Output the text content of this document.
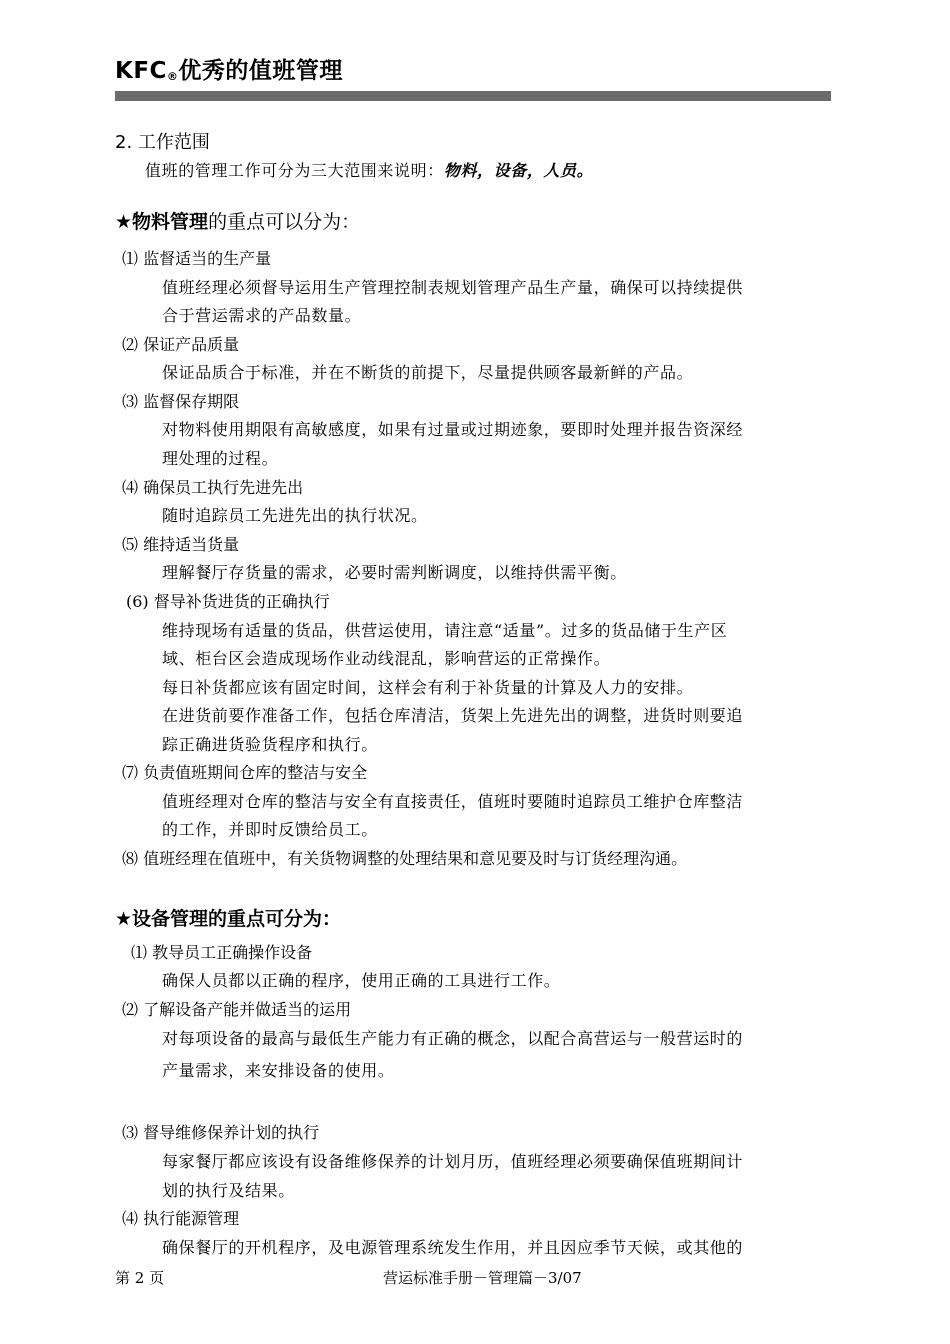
KFC®优秀的值班管理
2. 工作范围
值班的管理工作可分为三大范围来说明：物料，设备，人员。
★物料管理的重点可以分为：
⑴ 监督适当的生产量
值班经理必须督导运用生产管理控制表规划管理产品生产量，确保可以持续提供
合于营运需求的产品数量。
⑵ 保证产品质量
保证品质合于标准，并在不断货的前提下，尽量提供顾客最新鲜的产品。
⑶ 监督保存期限
对物料使用期限有高敏感度，如果有过量或过期迹象，要即时处理并报告资深经
理处理的过程。
⑷ 确保员工执行先进先出
随时追踪员工先进先出的执行状况。
⑸ 维持适当货量
理解餐厅存货量的需求，必要时需判断调度，以维持供需平衡。
(6) 督导补货进货的正确执行
维持现场有适量的货品，供营运使用，请注意“适量”。过多的货品储于生产区
域、柜台区会造成现场作业动线混乱，影响营运的正常操作。
每日补货都应该有固定时间，这样会有利于补货量的计算及人力的安排。
在进货前要作准备工作，包括仓库清洁，货架上先进先出的调整，进货时则要追
踪正确进货验货程序和执行。
⑺ 负责值班期间仓库的整洁与安全
值班经理对仓库的整洁与安全有直接责任，值班时要随时追踪员工维护仓库整洁
的工作，并即时反馈给员工。
⑻ 值班经理在值班中，有关货物调整的处理结果和意见要及时与订货经理沟通。
★设备管理的重点可分为：
⑴ 教导员工正确操作设备
确保人员都以正确的程序，使用正确的工具进行工作。
⑵ 了解设备产能并做适当的运用
对每项设备的最高与最低生产能力有正确的概念，以配合高营运与一般营运时的
产量需求，来安排设备的使用。
⑶ 督导维修保养计划的执行
每家餐厅都应该设有设备维修保养的计划月历，值班经理必须要确保值班期间计
划的执行及结果。
⑷ 执行能源管理
确保餐厅的开机程序，及电源管理系统发生作用，并且因应季节天候，或其他的
第 2 页	营运标准手册－管理篇－3/07
